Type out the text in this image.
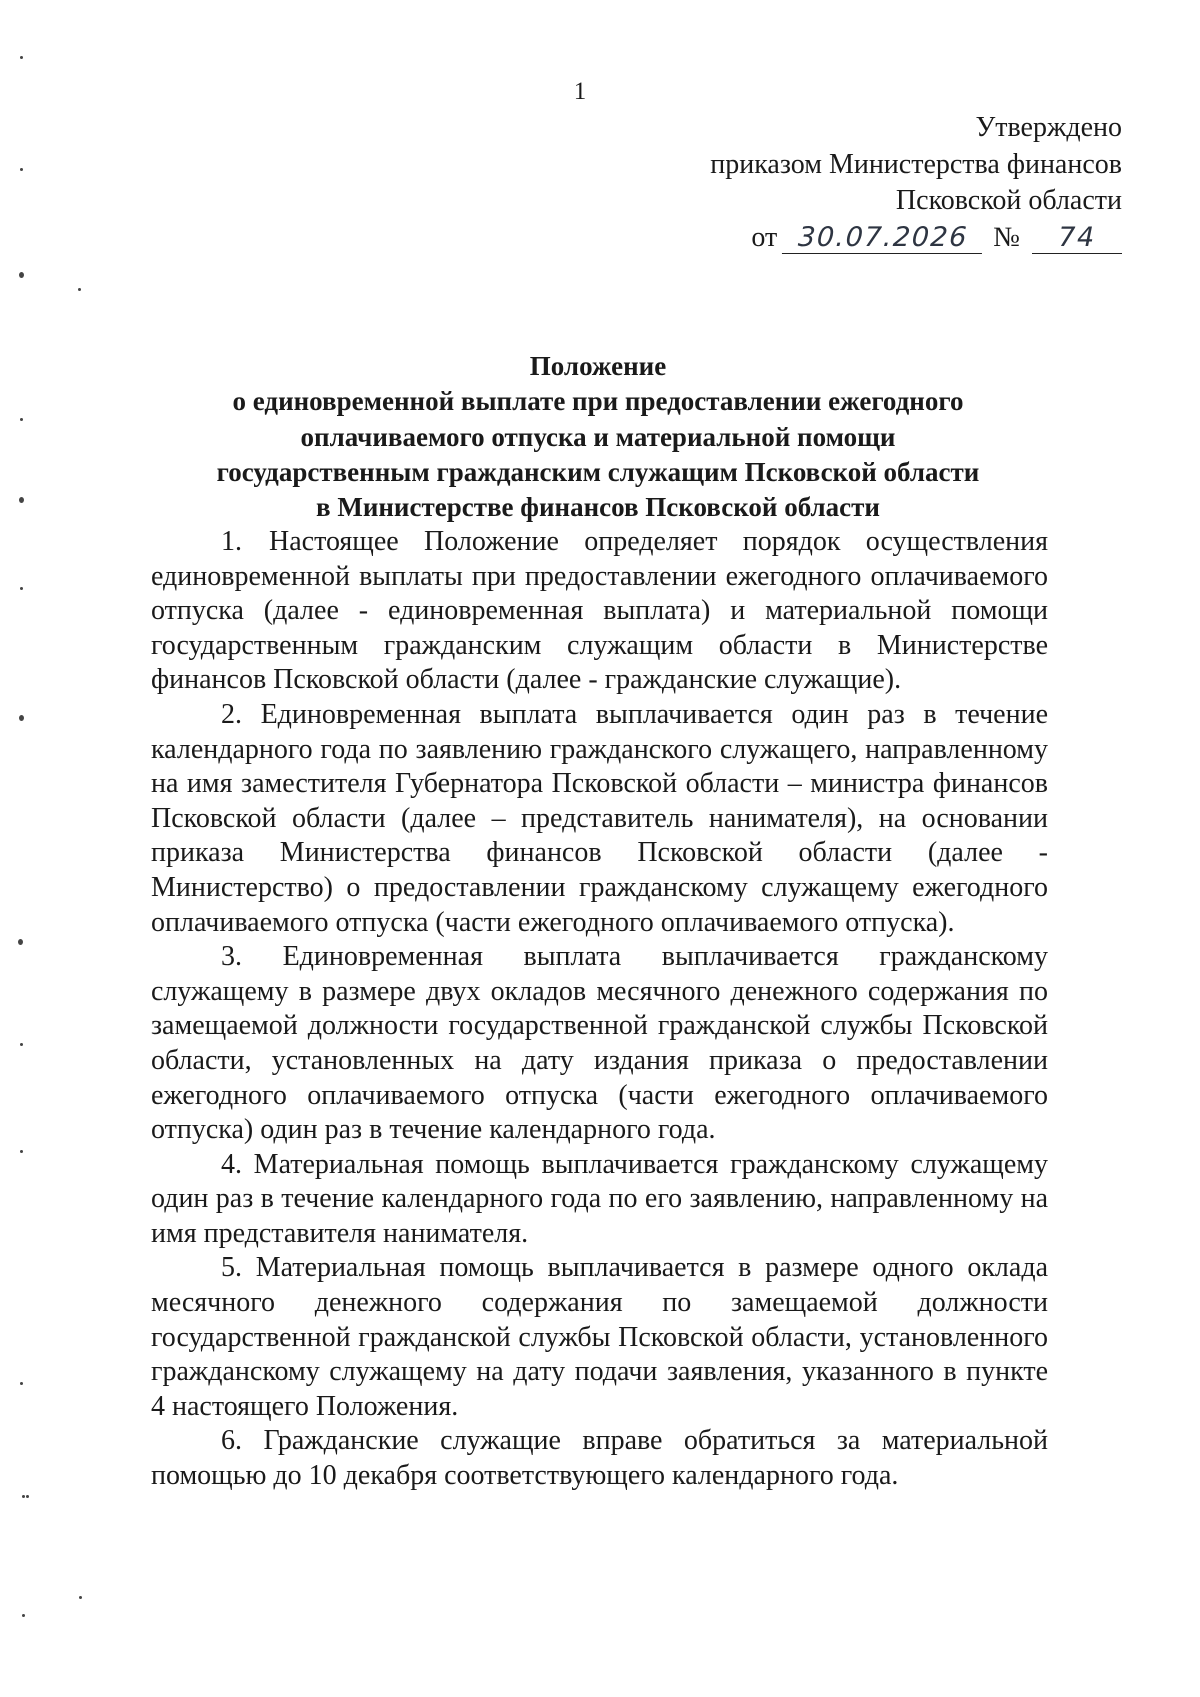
1
Утверждено
приказом Министерства финансов
Псковской области
от 30.07.2026 № 74
Положение
о единовременной выплате при предоставлении ежегодного
оплачиваемого отпуска и материальной помощи
государственным гражданским служащим Псковской области
в Министерстве финансов Псковской области

1. Настоящее Положение определяет порядок осуществления единовременной выплаты при предоставлении ежегодного оплачиваемого отпуска (далее - единовременная выплата) и материальной помощи государственным гражданским служащим области в Министерстве финансов Псковской области (далее - гражданские служащие).

2. Единовременная выплата выплачивается один раз в течение календарного года по заявлению гражданского служащего, направленному на имя заместителя Губернатора Псковской области – министра финансов Псковской области (далее – представитель нанимателя), на основании приказа Министерства финансов Псковской области (далее - Министерство) о предоставлении гражданскому служащему ежегодного оплачиваемого отпуска (части ежегодного оплачиваемого отпуска).

3. Единовременная выплата выплачивается гражданскому служащему в размере двух окладов месячного денежного содержания по замещаемой должности государственной гражданской службы Псковской области, установленных на дату издания приказа о предоставлении ежегодного оплачиваемого отпуска (части ежегодного оплачиваемого отпуска) один раз в течение календарного года.

4. Материальная помощь выплачивается гражданскому служащему один раз в течение календарного года по его заявлению, направленному на имя представителя нанимателя.

5. Материальная помощь выплачивается в размере одного оклада месячного денежного содержания по замещаемой должности государственной гражданской службы Псковской области, установленного гражданскому служащему на дату подачи заявления, указанного в пункте 4 настоящего Положения.

6. Гражданские служащие вправе обратиться за материальной помощью до 10 декабря соответствующего календарного года.
